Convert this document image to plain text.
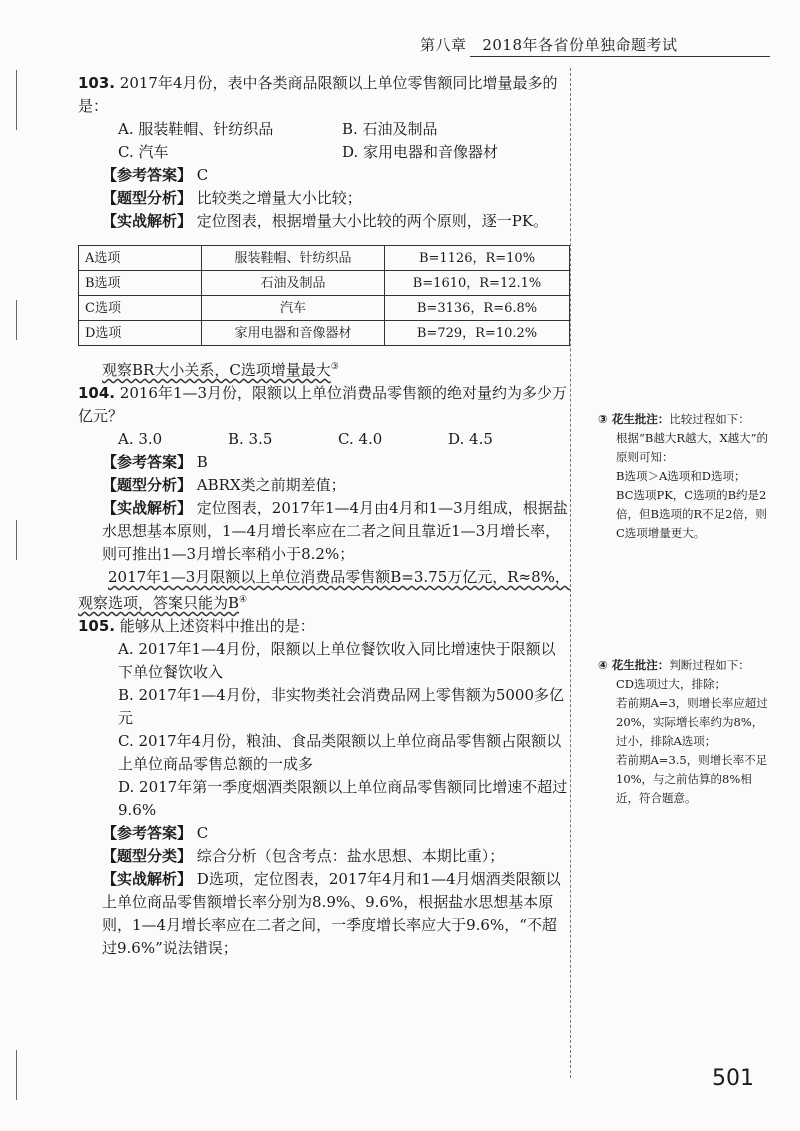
第八章 2018年各省份单独命题考试

103. 2017年4月份，表中各类商品限额以上单位零售额同比增量最多的是：

A. 服装鞋帽、针纺织品	B. 石油及制品
C. 汽车	D. 家用电器和音像器材
【参考答案】 C
【题型分析】 比较类之增量大小比较；
【实战解析】 定位图表，根据增量大小比较的两个原则，逐一PK。
A选项	服装鞋帽、针纺织品	B=1126，R=10%
B选项	石油及制品	B=1610，R=12.1%
C选项	汽车	B=3136，R=6.8%
D选项	家用电器和音像器材	B=729，R=10.2%
观察BR大小关系，C选项增量最大③

104. 2016年1—3月份，限额以上单位消费品零售额的绝对量约为多少万亿元？

A. 3.0	B. 3.5	C. 4.0	D. 4.5
【参考答案】 B
【题型分析】 ABRX类之前期差值；
【实战解析】 定位图表，2017年1—4月由4月和1—3月组成，根据盐水思想基本原则，1—4月增长率应在二者之间且靠近1—3月增长率，则可推出1—3月增长率稍小于8.2%；
2017年1—3月限额以上单位消费品零售额B=3.75万亿元，R≈8%，观察选项，答案只能为B④

105. 能够从上述资料中推出的是：

A. 2017年1—4月份，限额以上单位餐饮收入同比增速快于限额以下单位餐饮收入
B. 2017年1—4月份，非实物类社会消费品网上零售额为5000多亿元
C. 2017年4月份，粮油、食品类限额以上单位商品零售额占限额以上单位商品零售总额的一成多
D. 2017年第一季度烟酒类限额以上单位商品零售额同比增速不超过9.6%
【参考答案】 C
【题型分类】 综合分析（包含考点：盐水思想、本期比重）；
【实战解析】 D选项，定位图表，2017年4月和1—4月烟酒类限额以上单位商品零售额增长率分别为8.9%、9.6%，根据盐水思想基本原则，1—4月增长率应在二者之间，一季度增长率应大于9.6%，“不超过9.6%”说法错误；

③ 花生批注：比较过程如下：

根据“B越大R越大，X越大”的原则可知：

B选项＞A选项和D选项；

BC选项PK，C选项的B约是2倍，但B选项的R不足2倍，则C选项增量更大。

④ 花生批注：判断过程如下：

CD选项过大，排除；

若前期A=3，则增长率应超过20%，实际增长率约为8%，过小，排除A选项；

若前期A=3.5，则增长率不足10%，与之前估算的8%相近，符合题意。

501
